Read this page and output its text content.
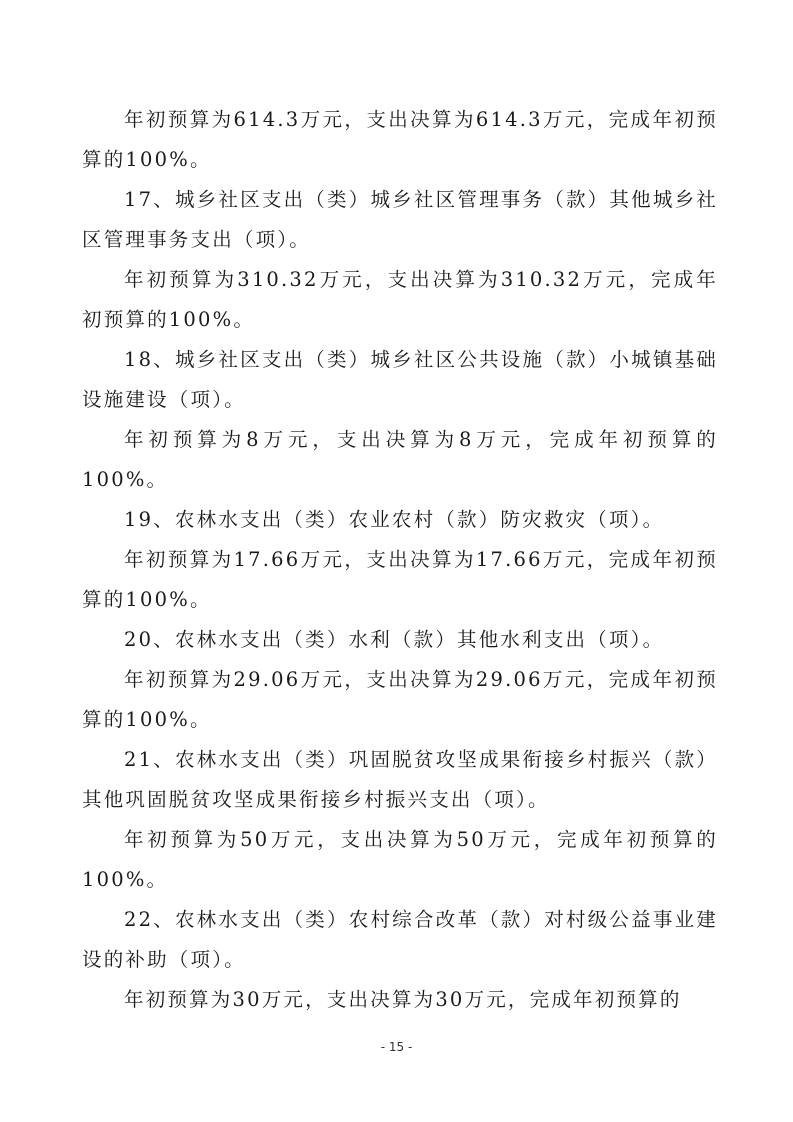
年初预算为614.3万元，支出决算为614.3万元，完成年初预算的100%。

17、城乡社区支出（类）城乡社区管理事务（款）其他城乡社区管理事务支出（项）。

年初预算为310.32万元，支出决算为310.32万元，完成年初预算的100%。

18、城乡社区支出（类）城乡社区公共设施（款）小城镇基础设施建设（项）。

年初预算为8万元，支出决算为8万元，完成年初预算的100%。

19、农林水支出（类）农业农村（款）防灾救灾（项）。

年初预算为17.66万元，支出决算为17.66万元，完成年初预算的100%。

20、农林水支出（类）水利（款）其他水利支出（项）。

年初预算为29.06万元，支出决算为29.06万元，完成年初预算的100%。

21、农林水支出（类）巩固脱贫攻坚成果衔接乡村振兴（款）其他巩固脱贫攻坚成果衔接乡村振兴支出（项）。

年初预算为50万元，支出决算为50万元，完成年初预算的100%。

22、农林水支出（类）农村综合改革（款）对村级公益事业建设的补助（项）。

年初预算为30万元，支出决算为30万元，完成年初预算的

- 15 -
